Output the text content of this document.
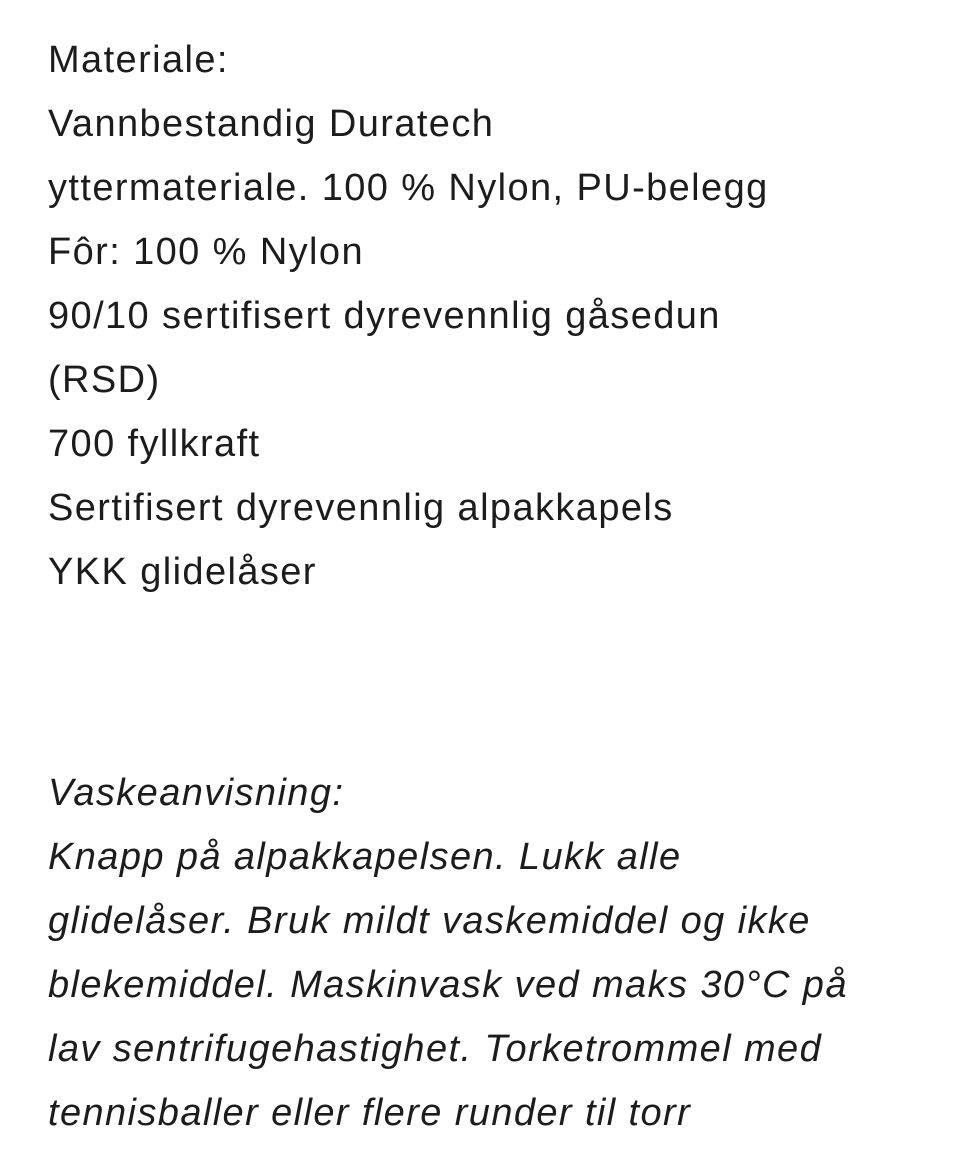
Materiale:
Vannbestandig Duratech
yttermateriale. 100 % Nylon, PU-belegg
Fôr: 100 % Nylon
90/10 sertifisert dyrevennlig gåsedun
(RSD)
700 fyllkraft
Sertifisert dyrevennlig alpakkapels
YKK glidelåser
Vaskeanvisning:
Knapp på alpakkapelsen. Lukk alle
glidelåser. Bruk mildt vaskemiddel og ikke
blekemiddel. Maskinvask ved maks 30°C på
lav sentrifugehastighet. Torketrommel med
tennisballer eller flere runder til torr
